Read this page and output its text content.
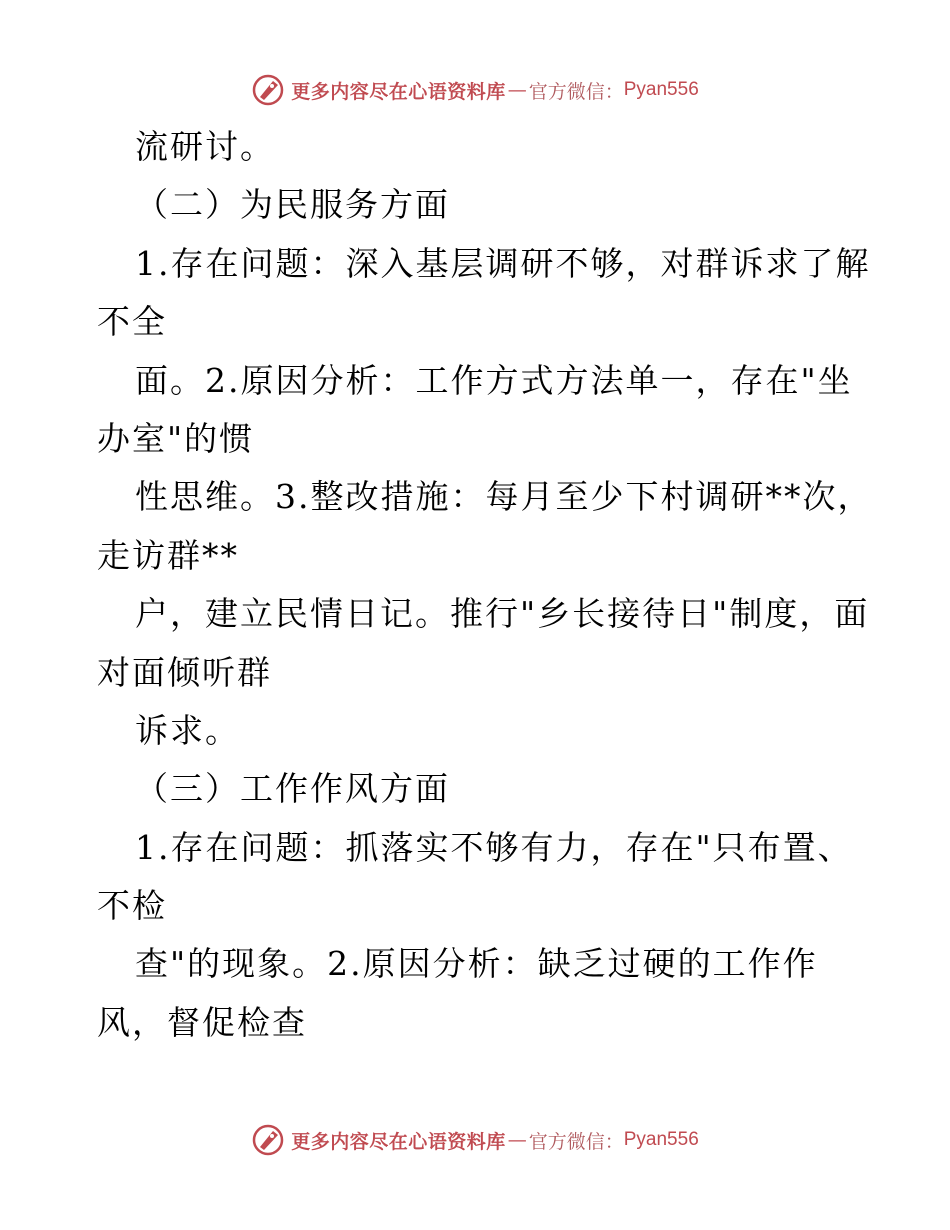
更多内容尽在心语资料库 — 官方微信： Pyan556
流研讨。
（二）为民服务方面
1.存在问题：深入基层调研不够，对群诉求了解
不全
面。2.原因分析：工作方式方法单一，存在"坐
办室"的惯
性思维。3.整改措施：每月至少下村调研**次，
走访群**
户，建立民情日记。推行"乡长接待日"制度，面
对面倾听群
诉求。
（三）工作作风方面
1.存在问题：抓落实不够有力，存在"只布置、
不检
查"的现象。2.原因分析：缺乏过硬的工作作
风，督促检查
更多内容尽在心语资料库 — 官方微信： Pyan556
